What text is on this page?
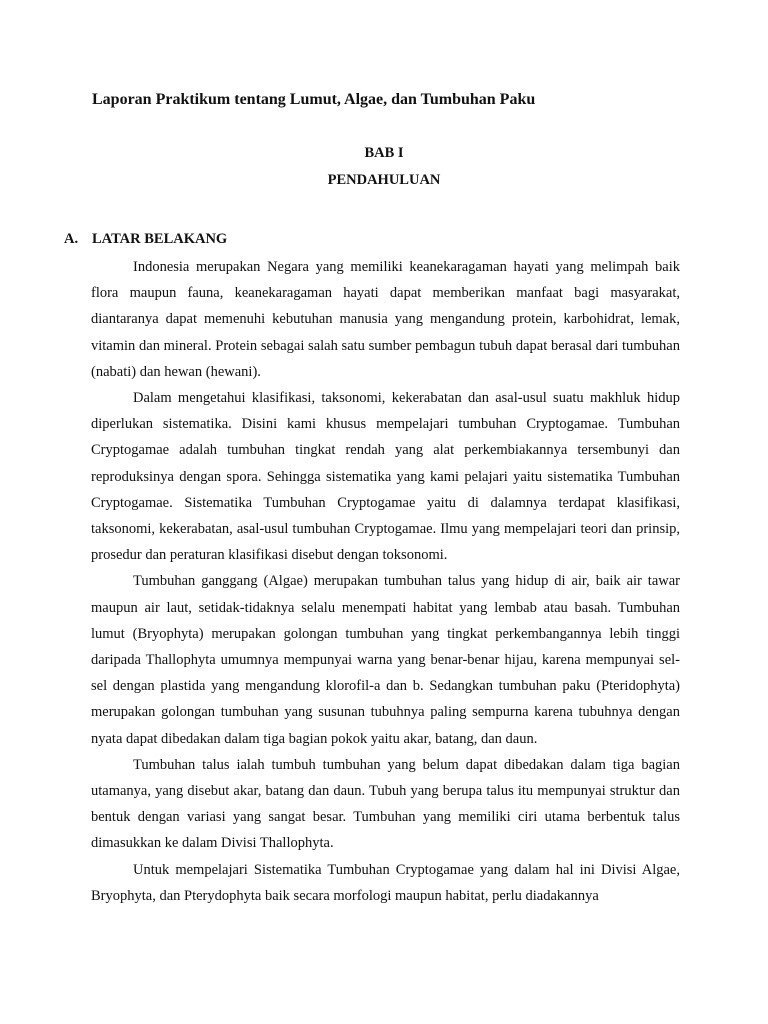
Laporan Praktikum tentang Lumut, Algae, dan Tumbuhan Paku
BAB I
PENDAHULUAN
A. LATAR BELAKANG

Indonesia merupakan Negara yang memiliki keanekaragaman hayati yang melimpah baik flora maupun fauna, keanekaragaman hayati dapat memberikan manfaat bagi masyarakat, diantaranya dapat memenuhi kebutuhan manusia yang mengandung protein, karbohidrat, lemak, vitamin dan mineral. Protein sebagai salah satu sumber pembagun tubuh dapat berasal dari tumbuhan (nabati) dan hewan (hewani).

Dalam mengetahui klasifikasi, taksonomi, kekerabatan dan asal-usul suatu makhluk hidup diperlukan sistematika. Disini kami khusus mempelajari tumbuhan Cryptogamae. Tumbuhan Cryptogamae adalah tumbuhan tingkat rendah yang alat perkembiakannya tersembunyi dan reproduksinya dengan spora. Sehingga sistematika yang kami pelajari yaitu sistematika Tumbuhan Cryptogamae. Sistematika Tumbuhan Cryptogamae yaitu di dalamnya terdapat klasifikasi, taksonomi, kekerabatan, asal-usul tumbuhan Cryptogamae. Ilmu yang mempelajari teori dan prinsip, prosedur dan peraturan klasifikasi disebut dengan toksonomi.

Tumbuhan ganggang (Algae) merupakan tumbuhan talus yang hidup di air, baik air tawar maupun air laut, setidak-tidaknya selalu menempati habitat yang lembab atau basah. Tumbuhan lumut (Bryophyta) merupakan golongan tumbuhan yang tingkat perkembangannya lebih tinggi daripada Thallophyta umumnya mempunyai warna yang benar-benar hijau, karena mempunyai sel-sel dengan plastida yang mengandung klorofil-a dan b. Sedangkan tumbuhan paku (Pteridophyta) merupakan golongan tumbuhan yang susunan tubuhnya paling sempurna karena tubuhnya dengan nyata dapat dibedakan dalam tiga bagian pokok yaitu akar, batang, dan daun.

Tumbuhan talus ialah tumbuh tumbuhan yang belum dapat dibedakan dalam tiga bagian utamanya, yang disebut akar, batang dan daun. Tubuh yang berupa talus itu mempunyai struktur dan bentuk dengan variasi yang sangat besar. Tumbuhan yang memiliki ciri utama berbentuk talus dimasukkan ke dalam Divisi Thallophyta.

Untuk mempelajari Sistematika Tumbuhan Cryptogamae yang dalam hal ini Divisi Algae, Bryophyta, dan Pterydophyta baik secara morfologi maupun habitat, perlu diadakannya
